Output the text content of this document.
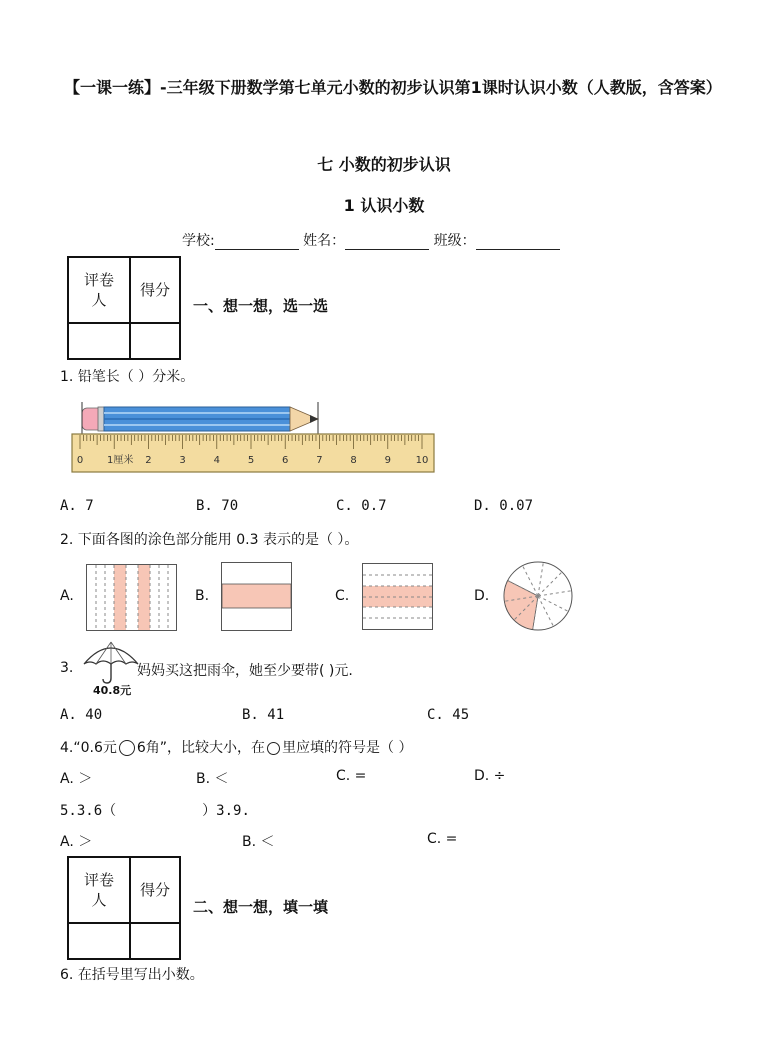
【一课一练】-三年级下册数学第七单元小数的初步认识第1课时认识小数（人教版，含答案）
七 小数的初步认识
1 认识小数
学校:	姓名：	班级：
评卷人	得分

一、想一想，选一选
1. 铅笔长（ ）分米。
0 1厘米 2	3	4	5	6	7	8	9 10
A. 7	B. 70	C. 0.7	D. 0.07
2. 下面各图的涂色部分能用 0.3 表示的是（ ）。
A.	B.	C.	D.
3.
40.8元
妈妈买这把雨伞，她至少要带( )元.
A. 40	B. 41	C. 45
4.“0.6元 6角”，比较大小，在 里应填的符号是（ ）
A. ＞	B. ＜	C. =	D. ÷
5.3.6（	）3.9.
A. ＞	B. ＜	C. =
评卷人	得分

二、想一想，填一填
6. 在括号里写出小数。
